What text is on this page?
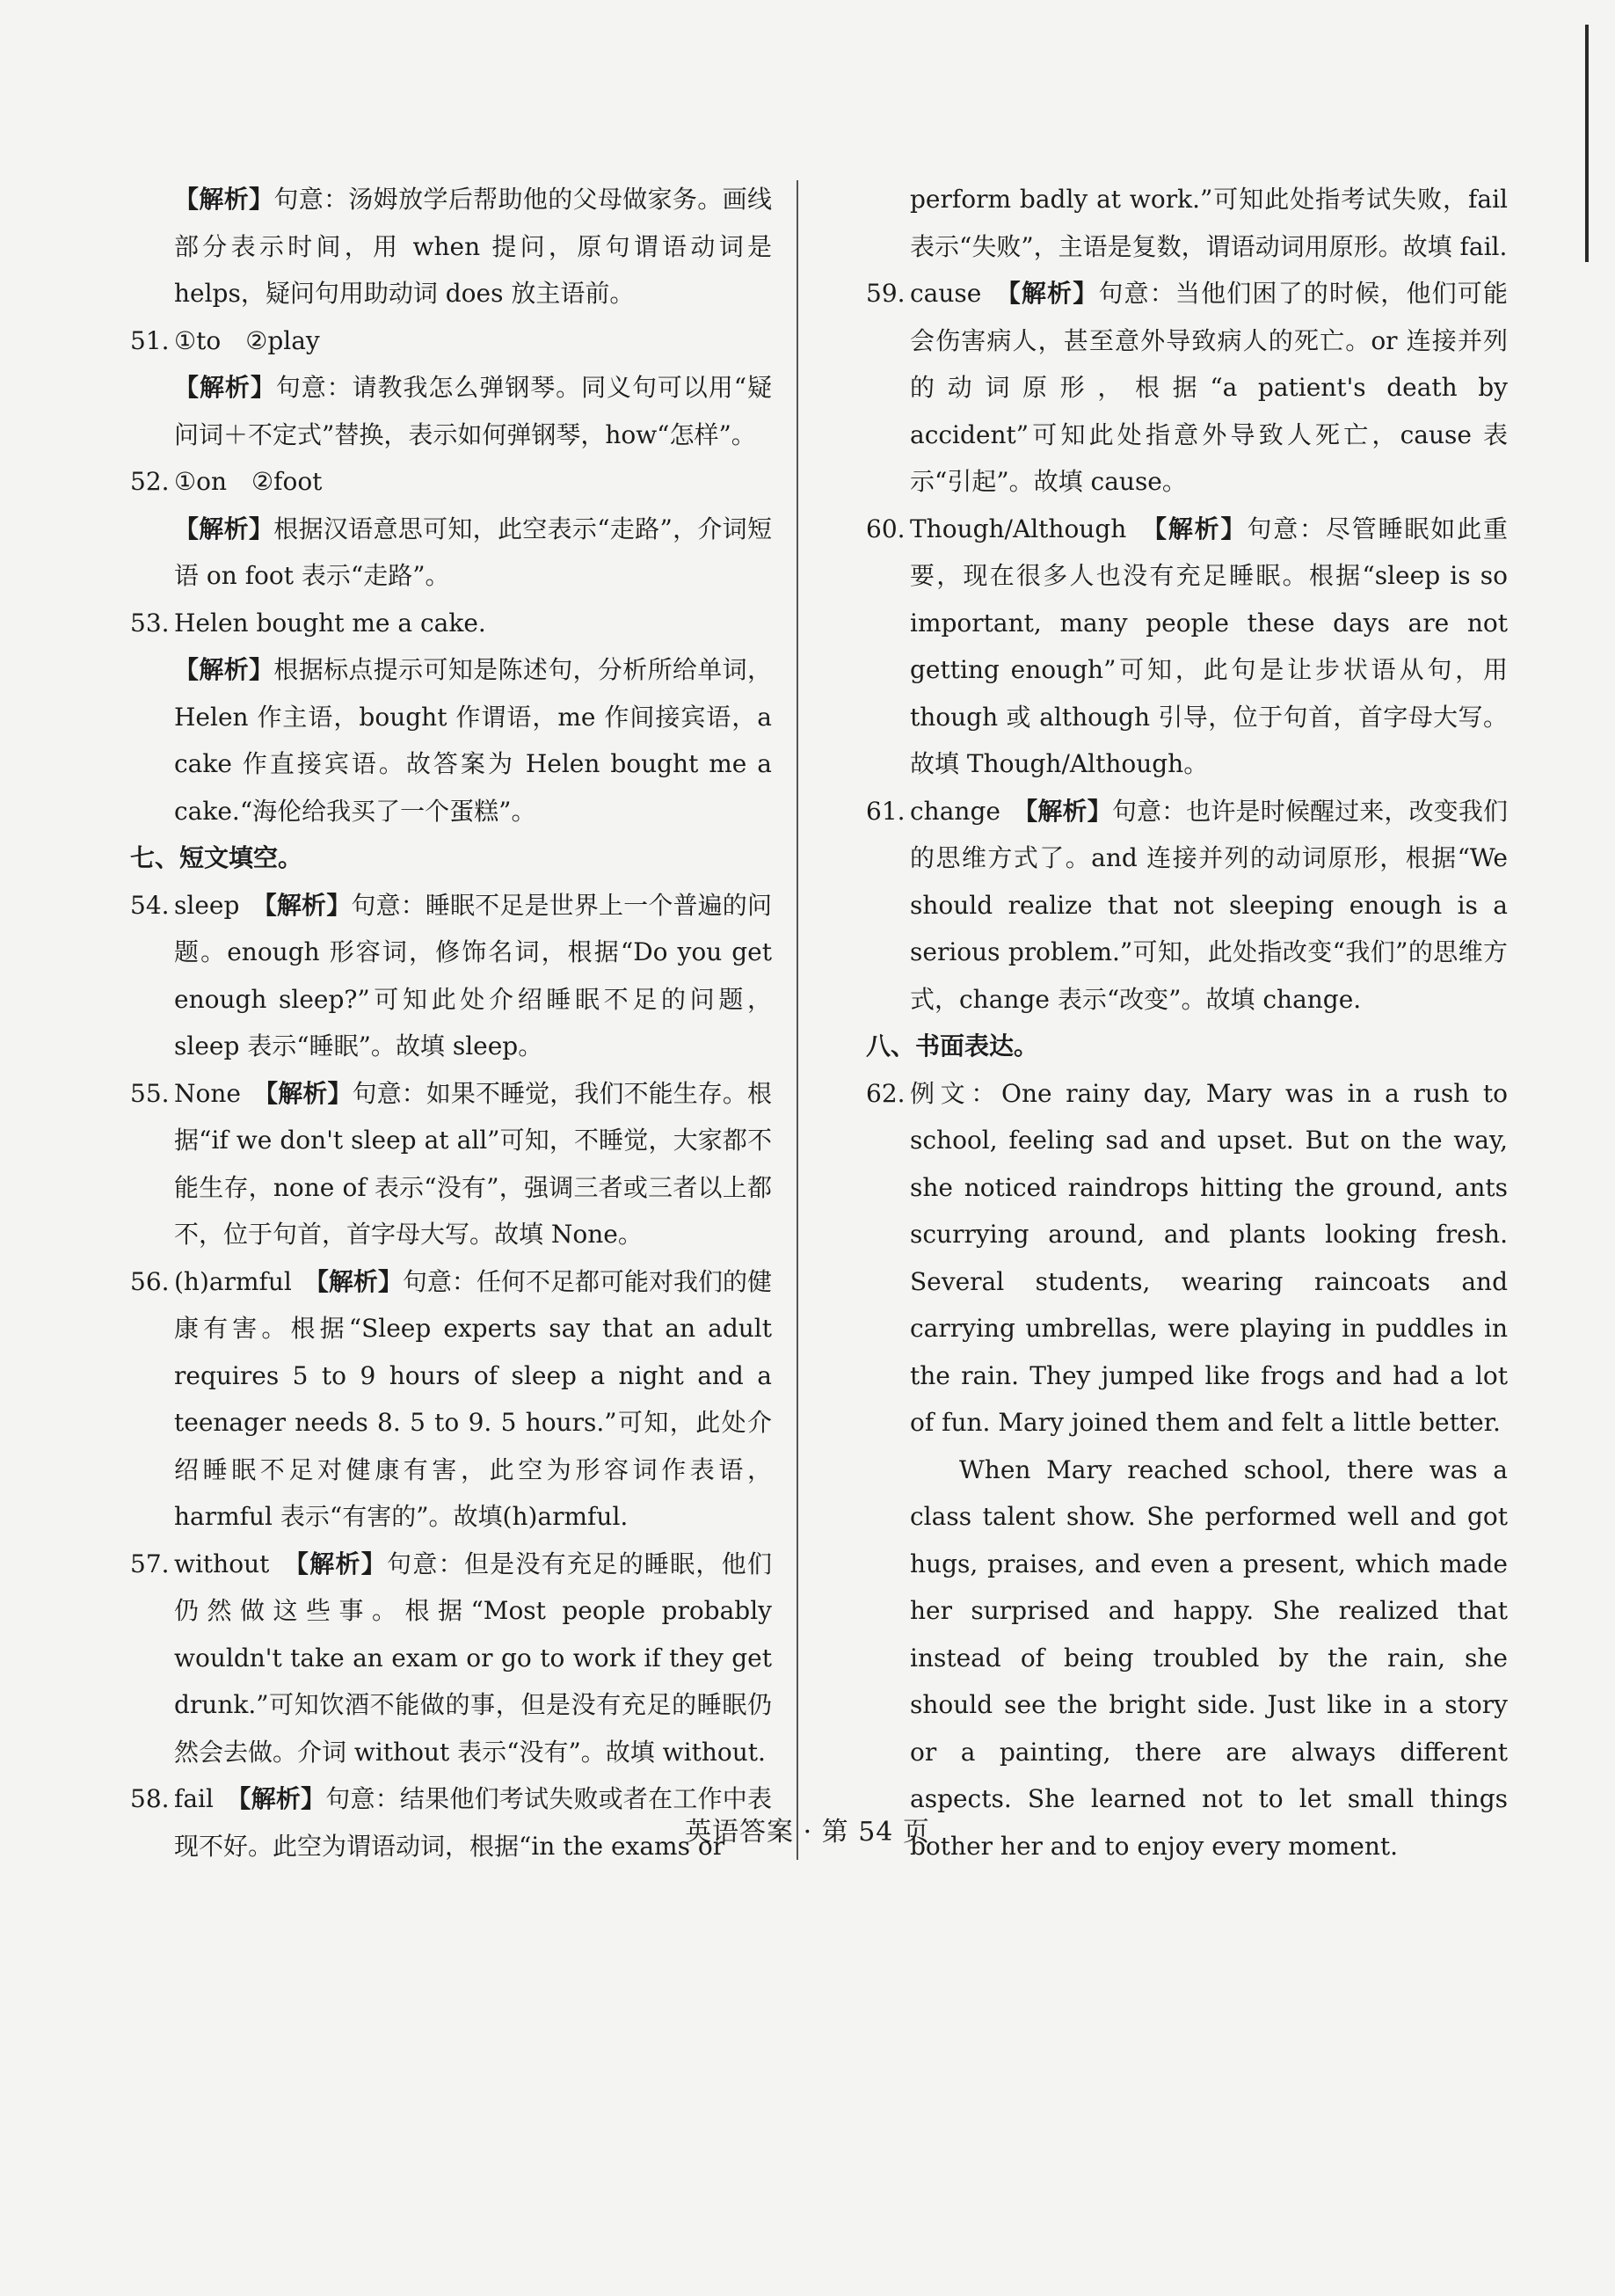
【解析】句意：汤姆放学后帮助他的父母做家务。画线部分表示时间，用 when 提问，原句谓语动词是 helps，疑问句用助动词 does 放主语前。
51. ①to　②play
【解析】句意：请教我怎么弹钢琴。同义句可以用“疑问词＋不定式”替换，表示如何弹钢琴，how“怎样”。
52. ①on　②foot
【解析】根据汉语意思可知，此空表示“走路”，介词短语 on foot 表示“走路”。
53. Helen bought me a cake.
【解析】根据标点提示可知是陈述句，分析所给单词，Helen 作主语，bought 作谓语，me 作间接宾语，a cake 作直接宾语。故答案为 Helen bought me a cake.“海伦给我买了一个蛋糕”。
七、短文填空。
54. sleep　 【解析】句意：睡眠不足是世界上一个普遍的问题。enough 形容词，修饰名词，根据“Do you get enough sleep?”可知此处介绍睡眠不足的问题，sleep 表示“睡眠”。故填 sleep。
55. None　 【解析】句意：如果不睡觉，我们不能生存。根据“if we don't sleep at all”可知，不睡觉，大家都不能生存，none of 表示“没有”，强调三者或三者以上都不，位于句首，首字母大写。故填 None。
56. (h)armful　 【解析】句意：任何不足都可能对我们的健康有害。根据“Sleep experts say that an adult requires 5 to 9 hours of sleep a night and a teenager needs 8. 5 to 9. 5 hours.”可知，此处介绍睡眠不足对健康有害，此空为形容词作表语，harmful 表示“有害的”。故填(h)armful.
57. without　 【解析】句意：但是没有充足的睡眠，他们仍然做这些事。根据“Most people probably wouldn't take an exam or go to work if they get drunk.”可知饮酒不能做的事，但是没有充足的睡眠仍然会去做。介词 without 表示“没有”。故填 without.
58. fail　 【解析】句意：结果他们考试失败或者在工作中表现不好。此空为谓语动词，根据“in the exams or
perform badly at work.”可知此处指考试失败，fail 表示“失败”，主语是复数，谓语动词用原形。故填 fail.
59. cause　 【解析】句意：当他们困了的时候，他们可能会伤害病人，甚至意外导致病人的死亡。or 连接并列的动词原形，根据“a patient's death by accident”可知此处指意外导致人死亡，cause 表示“引起”。故填 cause。
60. Though/Although　 【解析】句意：尽管睡眠如此重要，现在很多人也没有充足睡眠。根据“sleep is so important, many people these days are not getting enough”可知，此句是让步状语从句，用 though 或 although 引导，位于句首，首字母大写。故填 Though/Although。
61. change　 【解析】句意：也许是时候醒过来，改变我们的思维方式了。and 连接并列的动词原形，根据“We should realize that not sleeping enough is a serious problem.”可知，此处指改变“我们”的思维方式，change 表示“改变”。故填 change.
八、书面表达。
62. 例文：One rainy day, Mary was in a rush to school, feeling sad and upset. But on the way, she noticed raindrops hitting the ground, ants scurrying around, and plants looking fresh. Several students, wearing raincoats and carrying umbrellas, were playing in puddles in the rain. They jumped like frogs and had a lot of fun. Mary joined them and felt a little better.
When Mary reached school, there was a class talent show. She performed well and got hugs, praises, and even a present, which made her surprised and happy. She realized that instead of being troubled by the rain, she should see the bright side. Just like in a story or a painting, there are always different aspects. She learned not to let small things bother her and to enjoy every moment.
英语答案 · 第 54 页
